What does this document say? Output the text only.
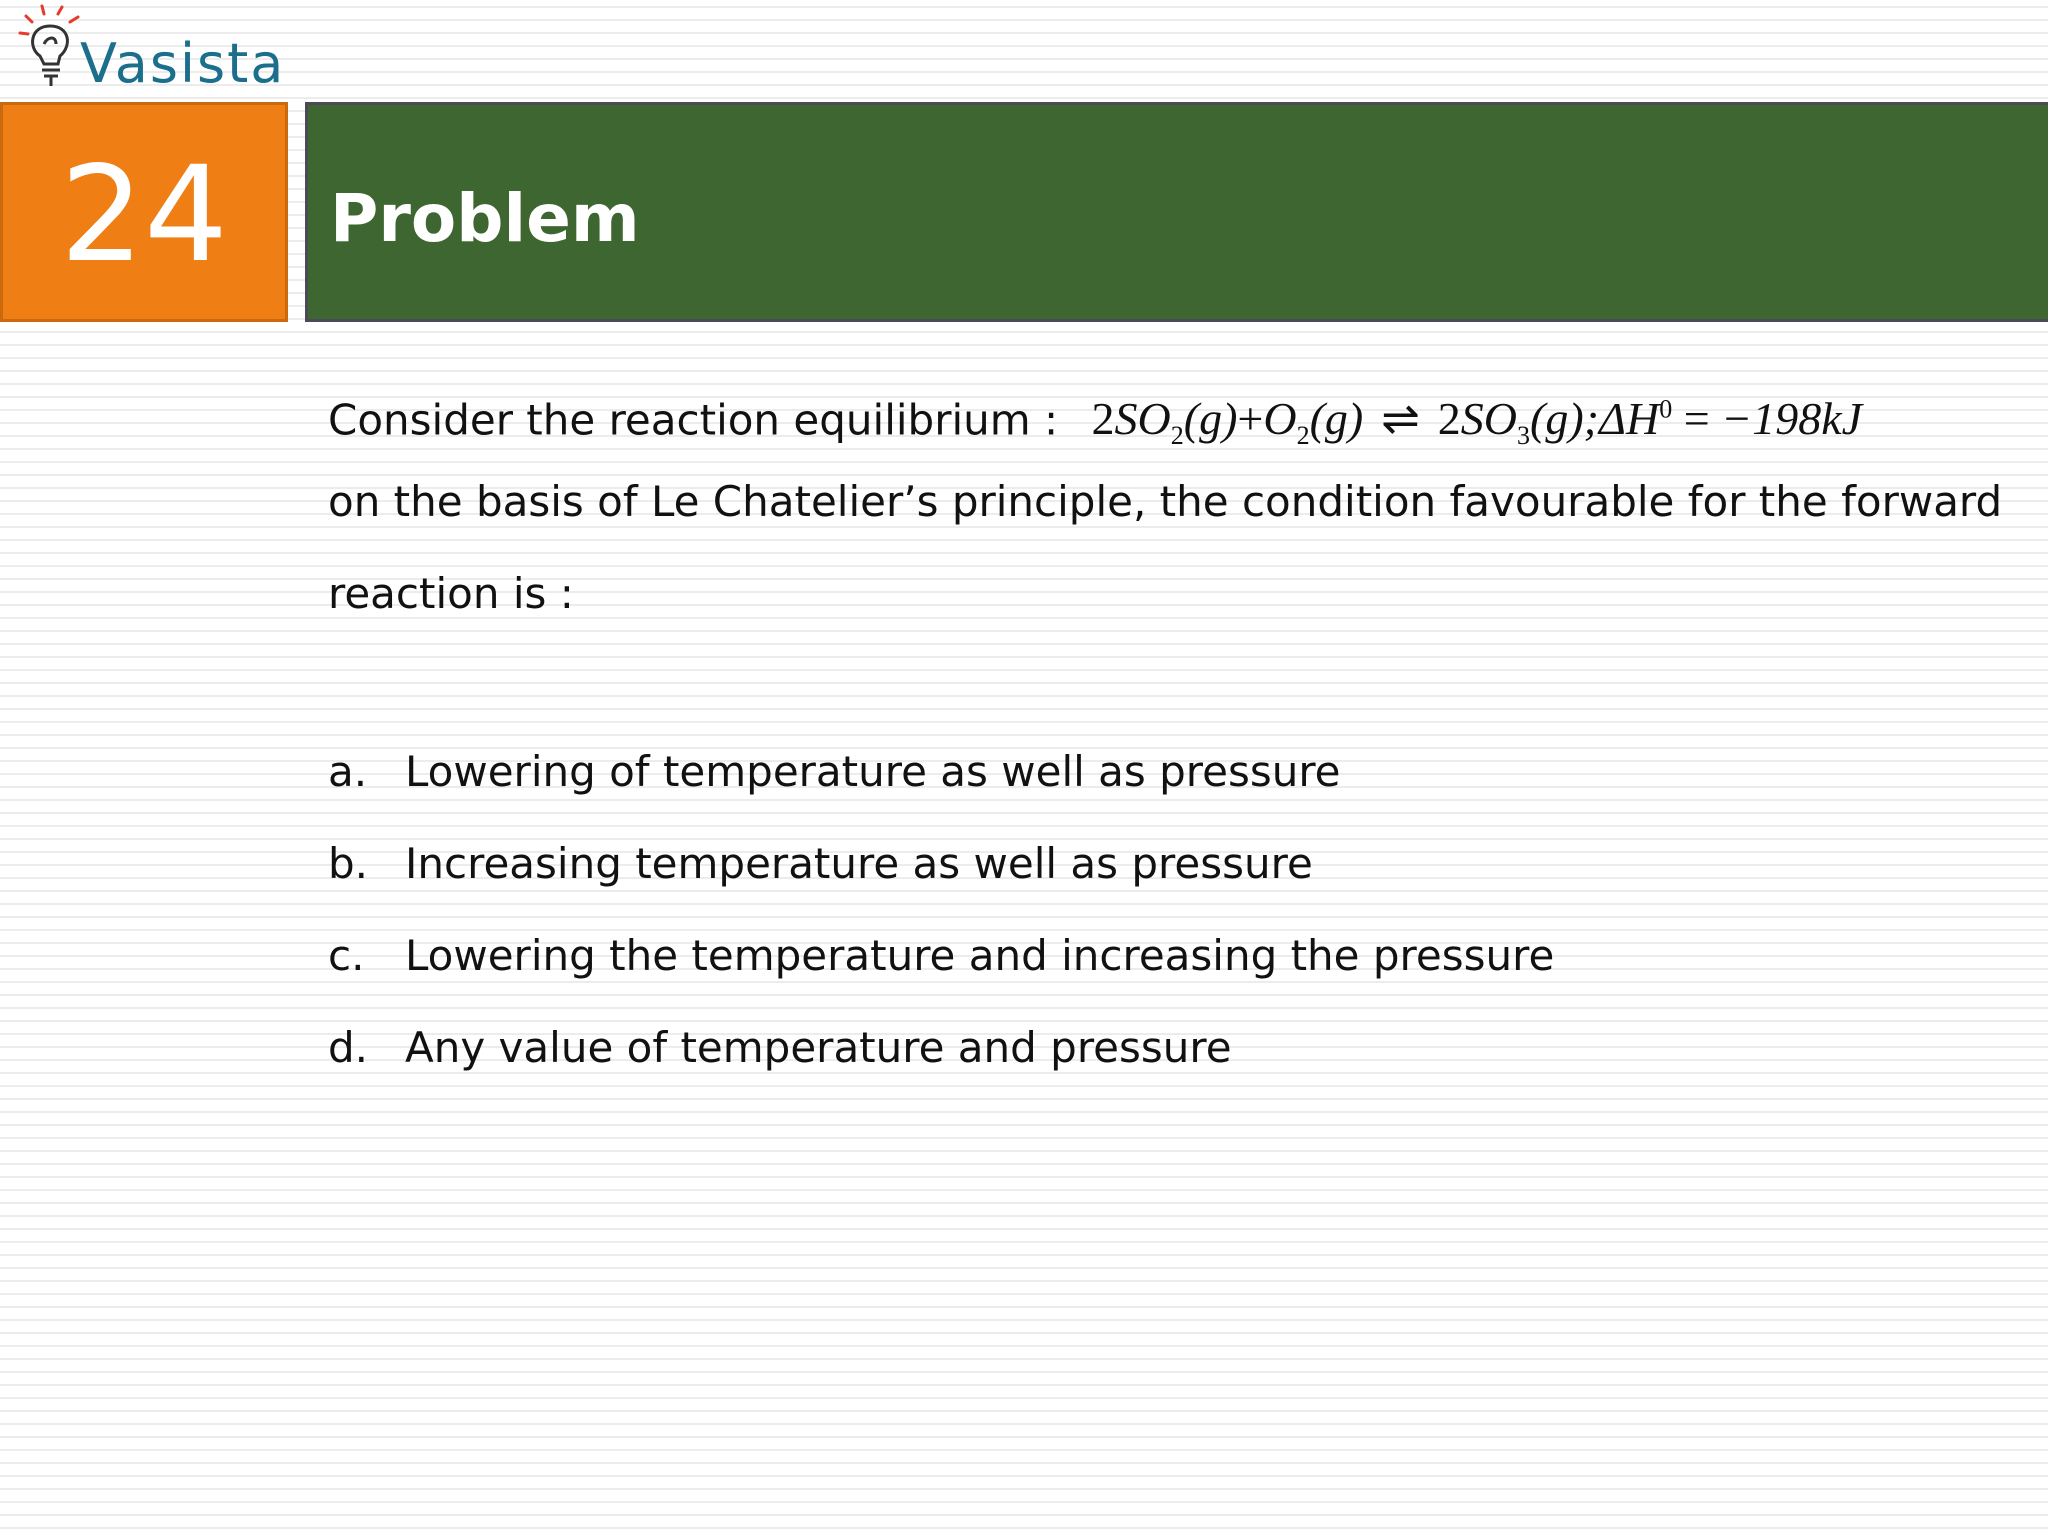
Vasista
24 Problem
Consider the reaction equilibrium : $2SO_2(g)+O_2(g)$ ⇌ $2SO_3(g);\Delta H^0 = -198kJ$
on the basis of Le Chatelier’s principle, the condition favourable for the forward
reaction is :
a. Lowering of temperature as well as pressure
b. Increasing temperature as well as pressure
c. Lowering the temperature and increasing the pressure
d. Any value of temperature and pressure
